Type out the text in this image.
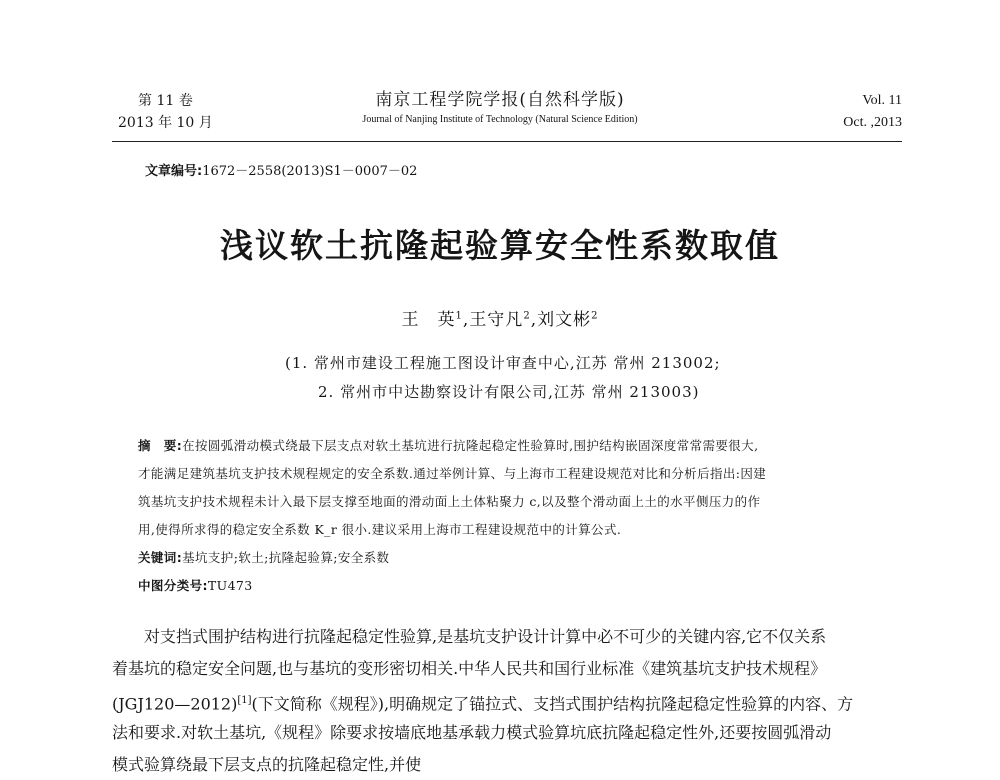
第 11 卷
2013 年 10 月
南京工程学院学报(自然科学版)
Journal of Nanjing Institute of Technology (Natural Science Edition)
Vol. 11
Oct. ,2013
文章编号:1672－2558(2013)S1－0007－02
浅议软土抗隆起验算安全性系数取值
王　英$^1$,王守凡$^2$,刘文彬$^2$
(1. 常州市建设工程施工图设计审查中心,江苏 常州 213002;
2. 常州市中达勘察设计有限公司,江苏 常州 213003)
摘　要:在按圆弧滑动模式绕最下层支点对软土基坑进行抗隆起稳定性验算时,围护结构嵌固深度常常需要很大,
才能满足建筑基坑支护技术规程规定的安全系数.通过举例计算、与上海市工程建设规范对比和分析后指出:因建
筑基坑支护技术规程未计入最下层支撑至地面的滑动面上土体粘聚力 c,以及整个滑动面上土的水平侧压力的作
用,使得所求得的稳定安全系数 K_r 很小.建议采用上海市工程建设规范中的计算公式.
关键词:基坑支护;软土;抗隆起验算;安全系数
中图分类号:TU473
对支挡式围护结构进行抗隆起稳定性验算,是基坑支护设计计算中必不可少的关键内容,它不仅关系
着基坑的稳定安全问题,也与基坑的变形密切相关.中华人民共和国行业标准《建筑基坑支护技术规程》
(JGJ120—2012)[1](下文简称《规程》),明确规定了锚拉式、支挡式围护结构抗隆起稳定性验算的内容、方
法和要求.对软土基坑,《规程》除要求按墙底地基承载力模式验算坑底抗隆起稳定性外,还要按圆弧滑动
模式验算绕最下层支点的抗隆起稳定性,并使
